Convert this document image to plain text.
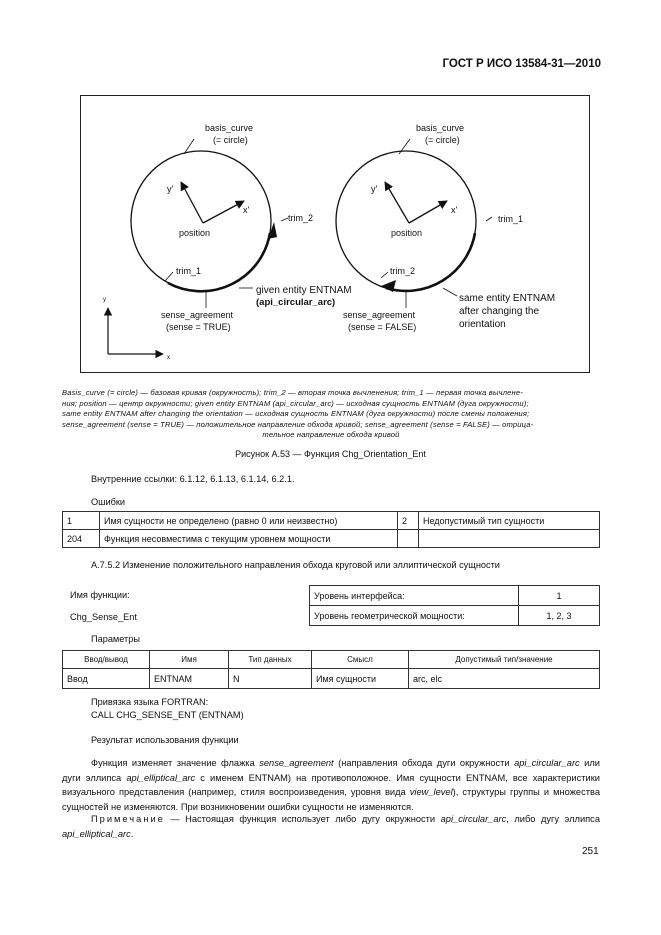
ГОСТ Р ИСО 13584-31—2010
basis_curve
(= circle)
y'
x'
position
trim_2
trim_1
given entity ENTNAM
(api_circular_arc)
sense_agreement
(sense = TRUE)
basis_curve
(= circle)
y'
x'
position
trim_1
trim_2
same entity ENTNAM
after changing the
orientation
sense_agreement
(sense = FALSE)
y
x
Basis_curve (= circle) — базовая кривая (окружность); trim_2 — вторая точка вычленения; trim_1 — первая точка вычлене-
ния; position — центр окружности; given entity ENTNAM (api_circular_arc) — исходная сущность ENTNAM (дуга окружности);
same entity ENTNAM after changing the orientation — исходная сущность ENTNAM (дуга окружности) после смены положения;
sense_agreement (sense = TRUE) — положительное направление обхода кривой; sense_agreement (sense = FALSE) — отрица-
тельное направление обхода кривой
Рисунок А.53 — Функция Chg_Orientation_Ent
Внутренние ссылки: 6.1.12, 6.1.13, 6.1.14, 6.2.1.
Ошибки
1	Имя сущности не определено (равно 0 или неизвестно)	2	Недопустимый тип сущности
204	Функция несовместима с текущим уровнем мощности		
A.7.5.2 Изменение положительного направления обхода круговой или эллиптической сущности
Имя функции:
Chg_Sense_Ent
Уровень интерфейса:	1
Уровень геометрической мощности:	1, 2, 3
Параметры
Ввод/вывод	Имя	Тип данных	Смысл	Допустимый тип/значение
Ввод	ENTNAM	N	Имя сущности	arc, elc
Привязка языка FORTRAN:
CALL CHG_SENSE_ENT (ENTNAM)
Результат использования функции
Функция изменяет значение флажка sense_agreement (направления обхода дуги окружности api_circular_arc или дуги эллипса api_elliptical_arc с именем ENTNAM) на противоположное. Имя сущности ENTNAM, все характеристики визуального представления (например, стиля воспроизведения, уровня вида view_level), структуры группы и множества сущностей не изменяются. При возникновении ошибки сущности не изменяются.
Примечание — Настоящая функция использует либо дугу окружности api_circular_arc, либо дугу эллипса api_elliptical_arc.
251
